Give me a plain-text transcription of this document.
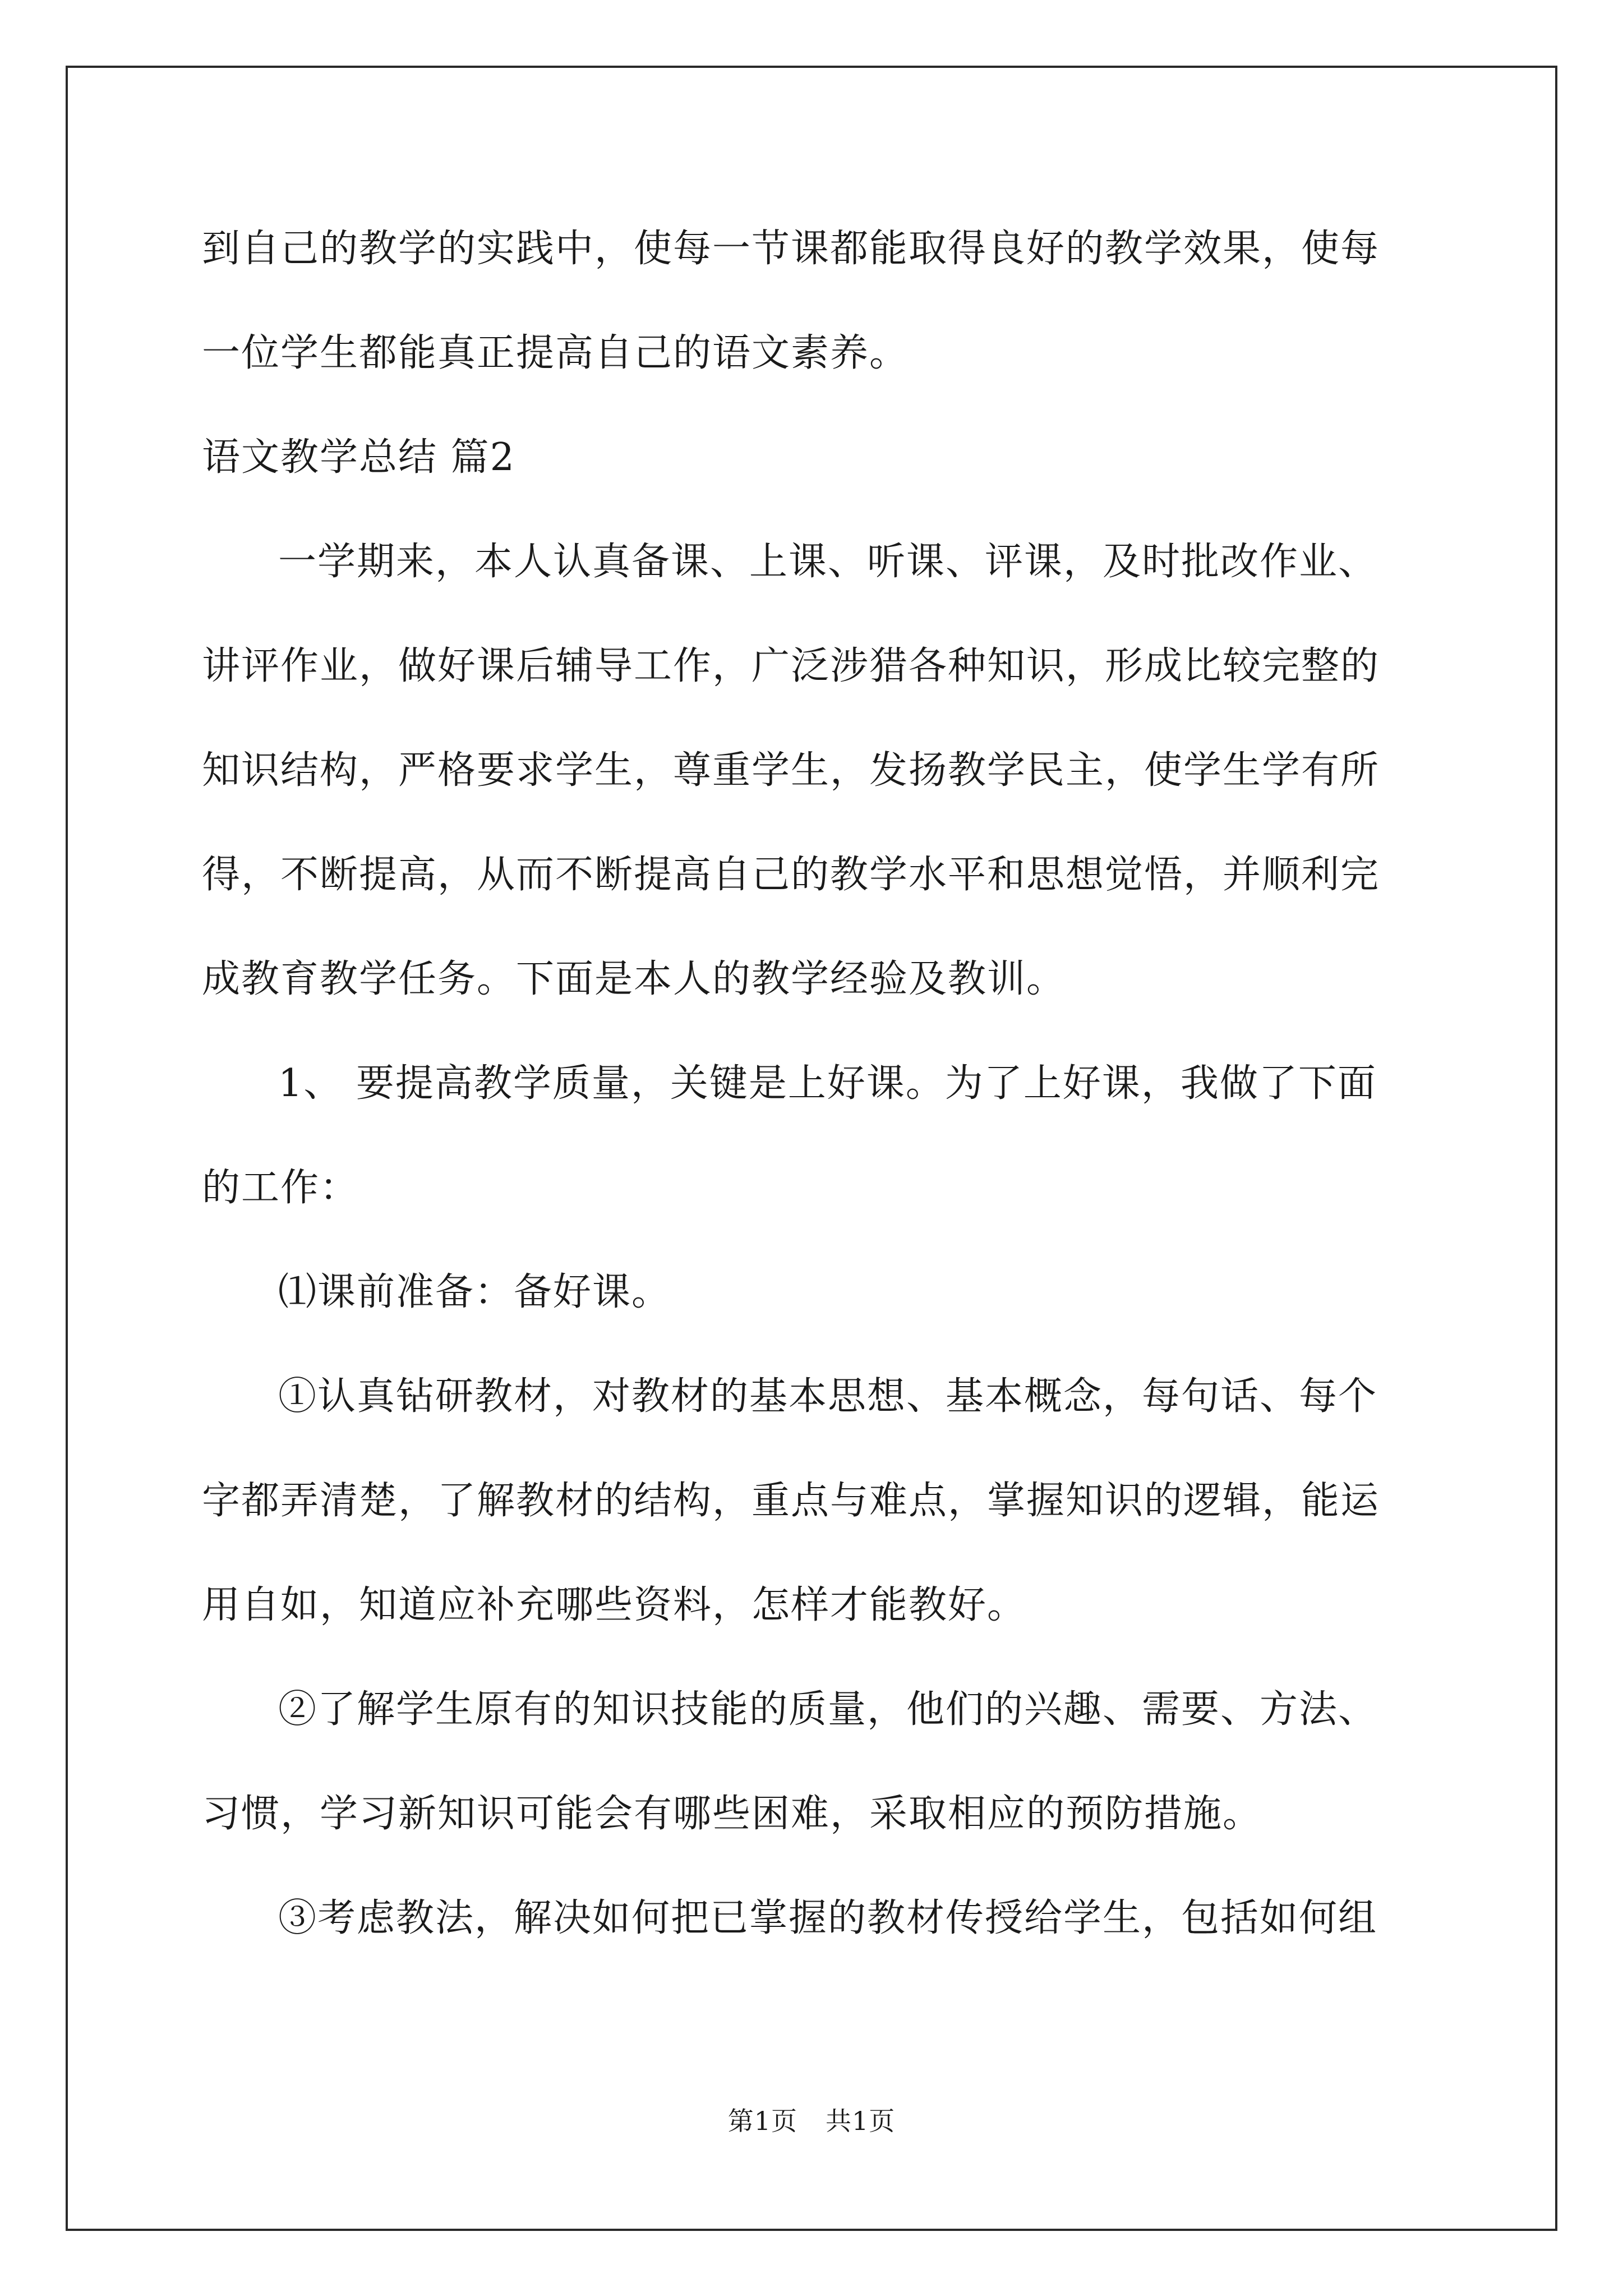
到自己的教学的实践中，使每一节课都能取得良好的教学效果，使每
一位学生都能真正提高自己的语文素养。
语文教学总结 篇2
一学期来，本人认真备课、上课、听课、评课，及时批改作业、
讲评作业，做好课后辅导工作，广泛涉猎各种知识，形成比较完整的
知识结构，严格要求学生，尊重学生，发扬教学民主，使学生学有所
得，不断提高，从而不断提高自己的教学水平和思想觉悟，并顺利完
成教育教学任务。下面是本人的教学经验及教训。
1、 要提高教学质量，关键是上好课。为了上好课，我做了下面
的工作：
⑴课前准备：备好课。
①认真钻研教材，对教材的基本思想、基本概念，每句话、每个
字都弄清楚，了解教材的结构，重点与难点，掌握知识的逻辑，能运
用自如，知道应补充哪些资料，怎样才能教好。
②了解学生原有的知识技能的质量，他们的兴趣、需要、方法、
习惯，学习新知识可能会有哪些困难，采取相应的预防措施。
③考虑教法，解决如何把已掌握的教材传授给学生，包括如何组
第1页 共1页
